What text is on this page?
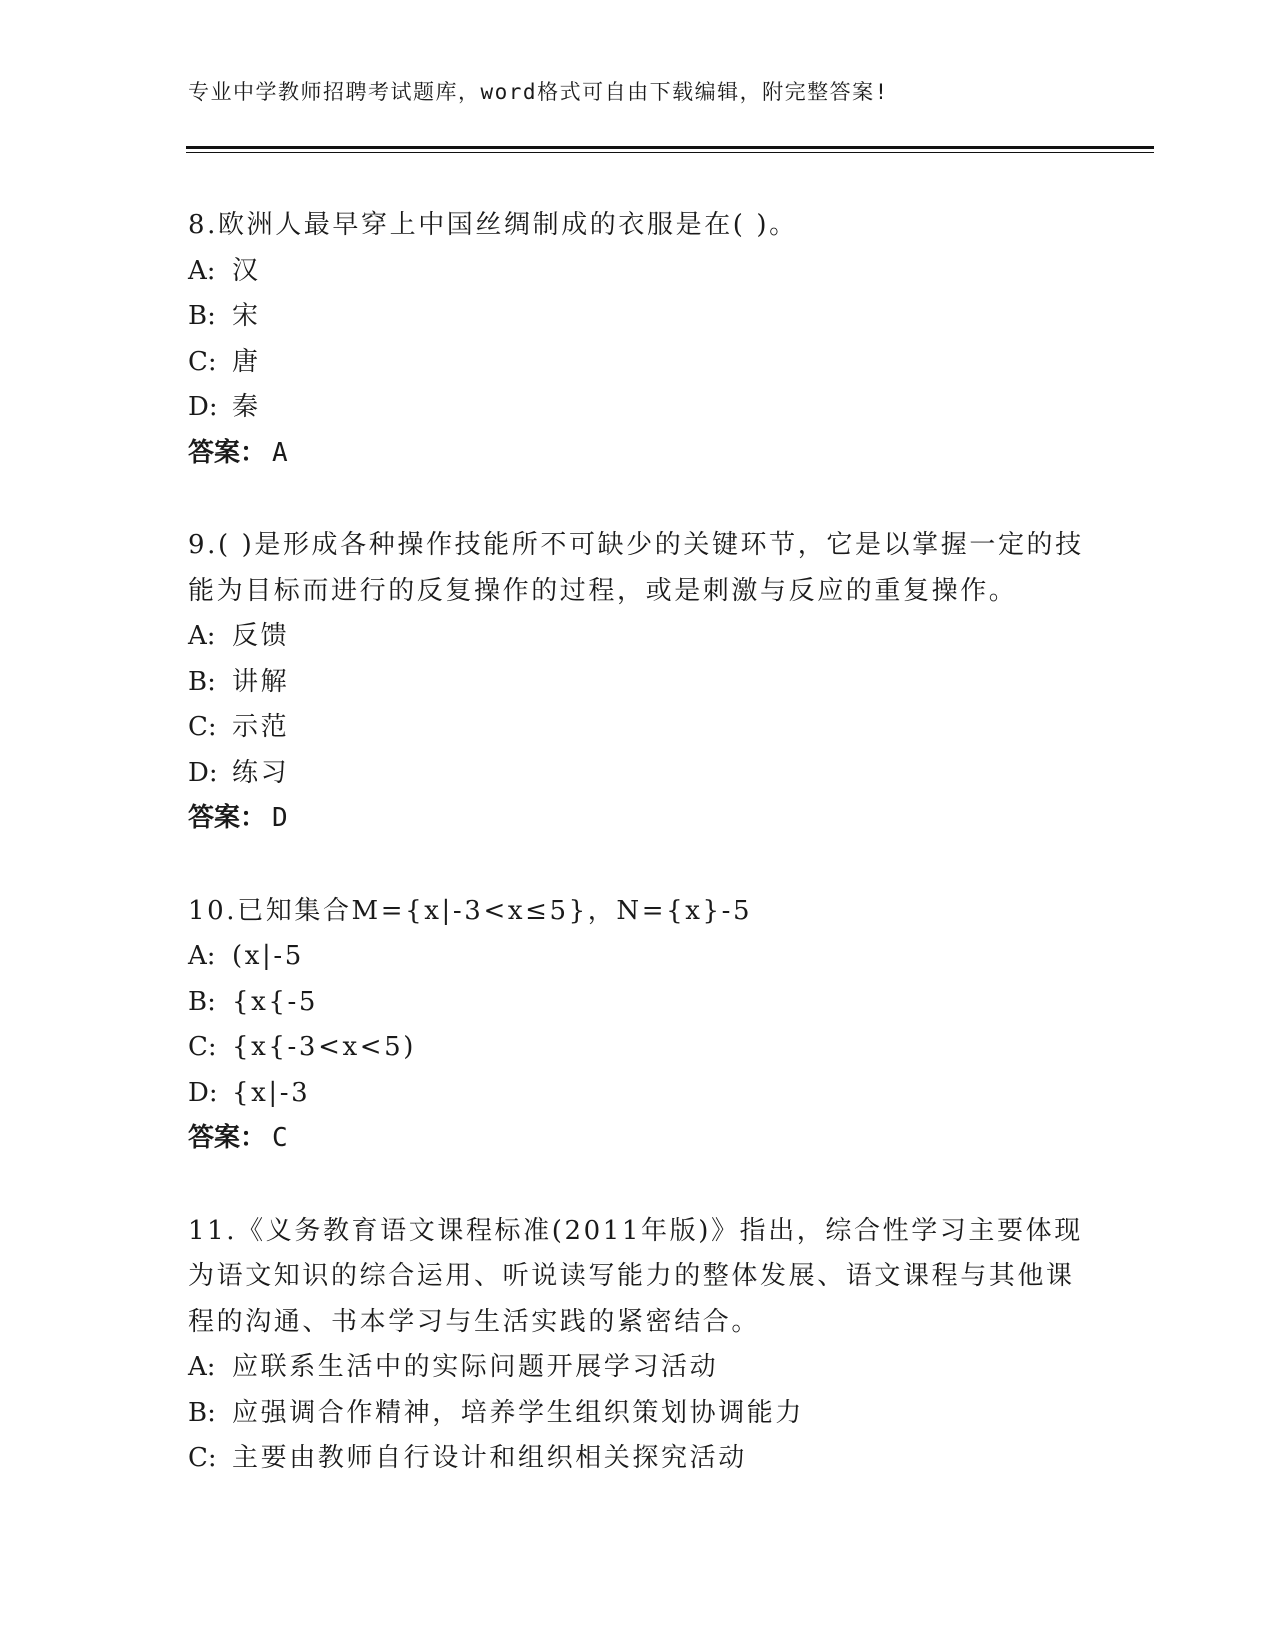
专业中学教师招聘考试题库，word格式可自由下载编辑，附完整答案!
8.欧洲人最早穿上中国丝绸制成的衣服是在( )。
A: 汉
B: 宋
C: 唐
D: 秦
答案： A
9.( )是形成各种操作技能所不可缺少的关键环节，它是以掌握一定的技能为目标而进行的反复操作的过程，或是刺激与反应的重复操作。
A: 反馈
B: 讲解
C: 示范
D: 练习
答案： D
10.已知集合M={x|-3<x≤5}，N={x}-5
A: (x|-5
B: {x{-5
C: {x{-3<x<5)
D: {x|-3
答案： C
11.《义务教育语文课程标准(2011年版)》指出，综合性学习主要体现为语文知识的综合运用、听说读写能力的整体发展、语文课程与其他课程的沟通、书本学习与生活实践的紧密结合。
A: 应联系生活中的实际问题开展学习活动
B: 应强调合作精神，培养学生组织策划协调能力
C: 主要由教师自行设计和组织相关探究活动
